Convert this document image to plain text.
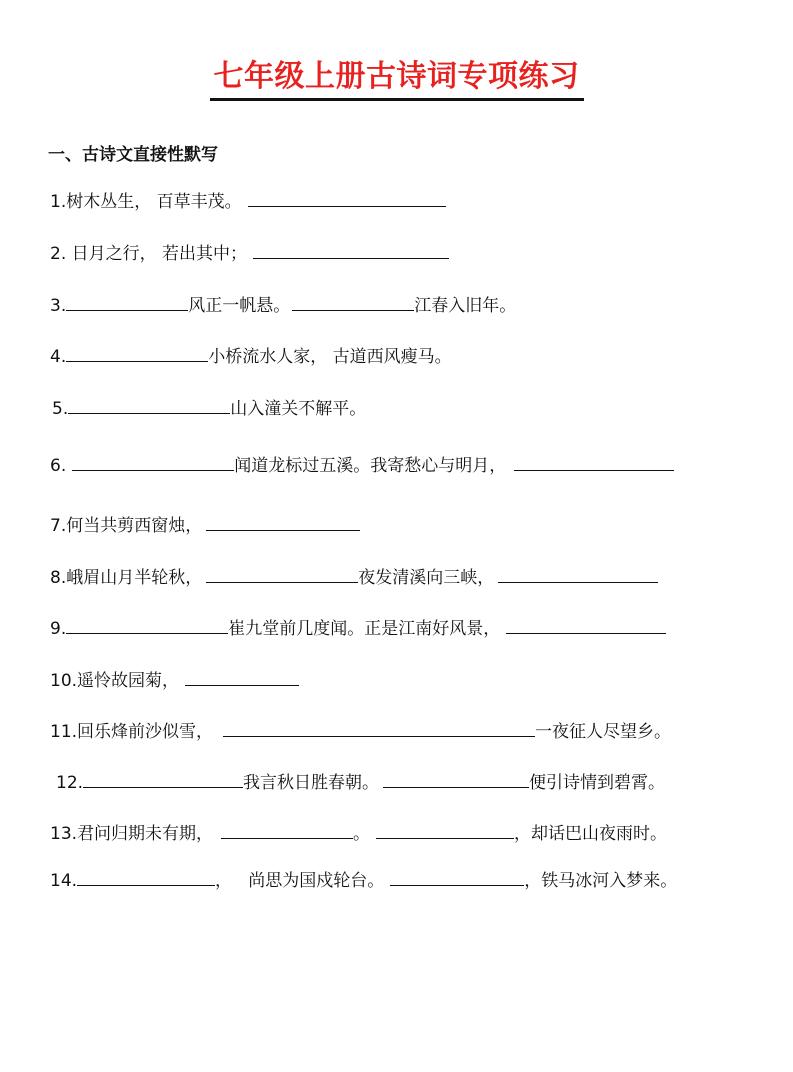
七年级上册古诗词专项练习
一、古诗文直接性默写
1.树木丛生， 百草丰茂。
2. 日月之行， 若出其中；
3.	风正一帆悬。	江春入旧年。
4.	小桥流水人家， 古道西风瘦马。
5.	山入潼关不解平。
6.	闻道龙标过五溪。我寄愁心与明月，
7.何当共剪西窗烛，
8.峨眉山月半轮秋，	夜发清溪向三峡，
9.	崔九堂前几度闻。正是江南好风景，
10.遥怜故园菊，
11.回乐烽前沙似雪，	一夜征人尽望乡。
12.	我言秋日胜春朝。	便引诗情到碧霄。
13.君问归期未有期，	。	，却话巴山夜雨时。
14.	，   尚思为国戍轮台。	，铁马冰河入梦来。
